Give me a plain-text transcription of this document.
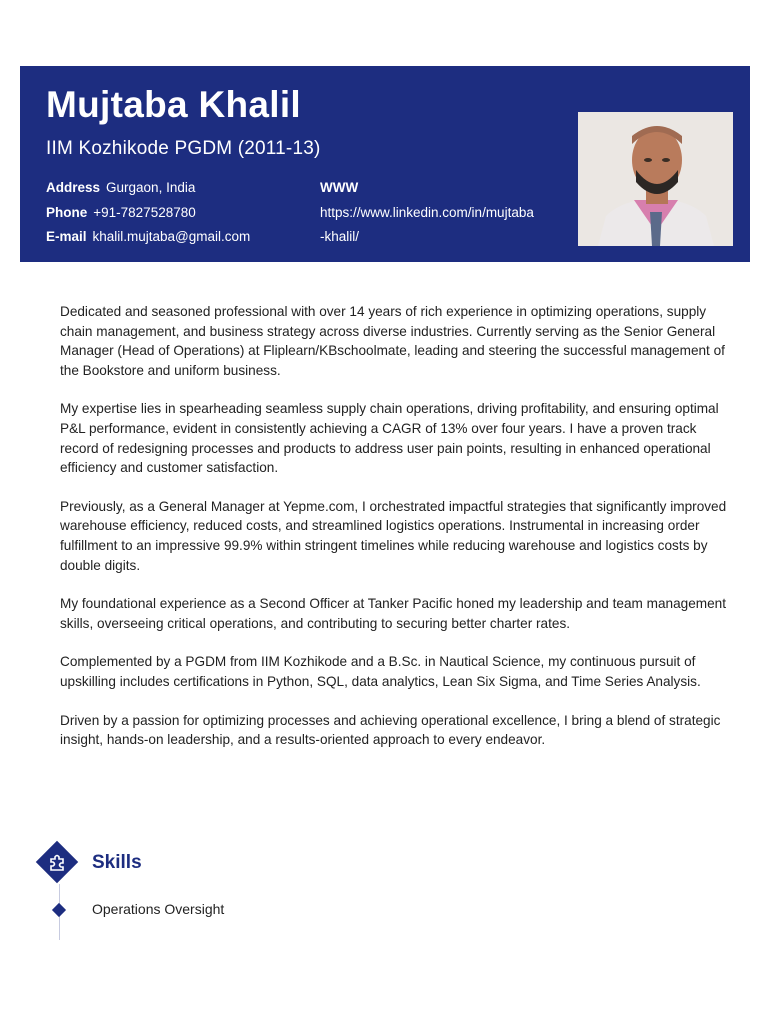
Mujtaba Khalil
IIM Kozhikode PGDM (2011-13)
Address Gurgaon, India
Phone +91-7827528780
E-mail khalil.mujtaba@gmail.com
WWW
https://www.linkedin.com/in/mujtaba
-khalil/

Dedicated and seasoned professional with over 14 years of rich experience in optimizing operations, supply chain management, and business strategy across diverse industries. Currently serving as the Senior General Manager (Head of Operations) at Fliplearn/KBschoolmate, leading and steering the successful management of the Bookstore and uniform business.

My expertise lies in spearheading seamless supply chain operations, driving profitability, and ensuring optimal P&L performance, evident in consistently achieving a CAGR of 13% over four years. I have a proven track record of redesigning processes and products to address user pain points, resulting in enhanced operational efficiency and customer satisfaction.

Previously, as a General Manager at Yepme.com, I orchestrated impactful strategies that significantly improved warehouse efficiency, reduced costs, and streamlined logistics operations. Instrumental in increasing order fulfillment to an impressive 99.9% within stringent timelines while reducing warehouse and logistics costs by double digits.

My foundational experience as a Second Officer at Tanker Pacific honed my leadership and team management skills, overseeing critical operations, and contributing to securing better charter rates.

Complemented by a PGDM from IIM Kozhikode and a B.Sc. in Nautical Science, my continuous pursuit of upskilling includes certifications in Python, SQL, data analytics, Lean Six Sigma, and Time Series Analysis.

Driven by a passion for optimizing processes and achieving operational excellence, I bring a blend of strategic insight, hands-on leadership, and a results-oriented approach to every endeavor.

Skills
Operations Oversight
